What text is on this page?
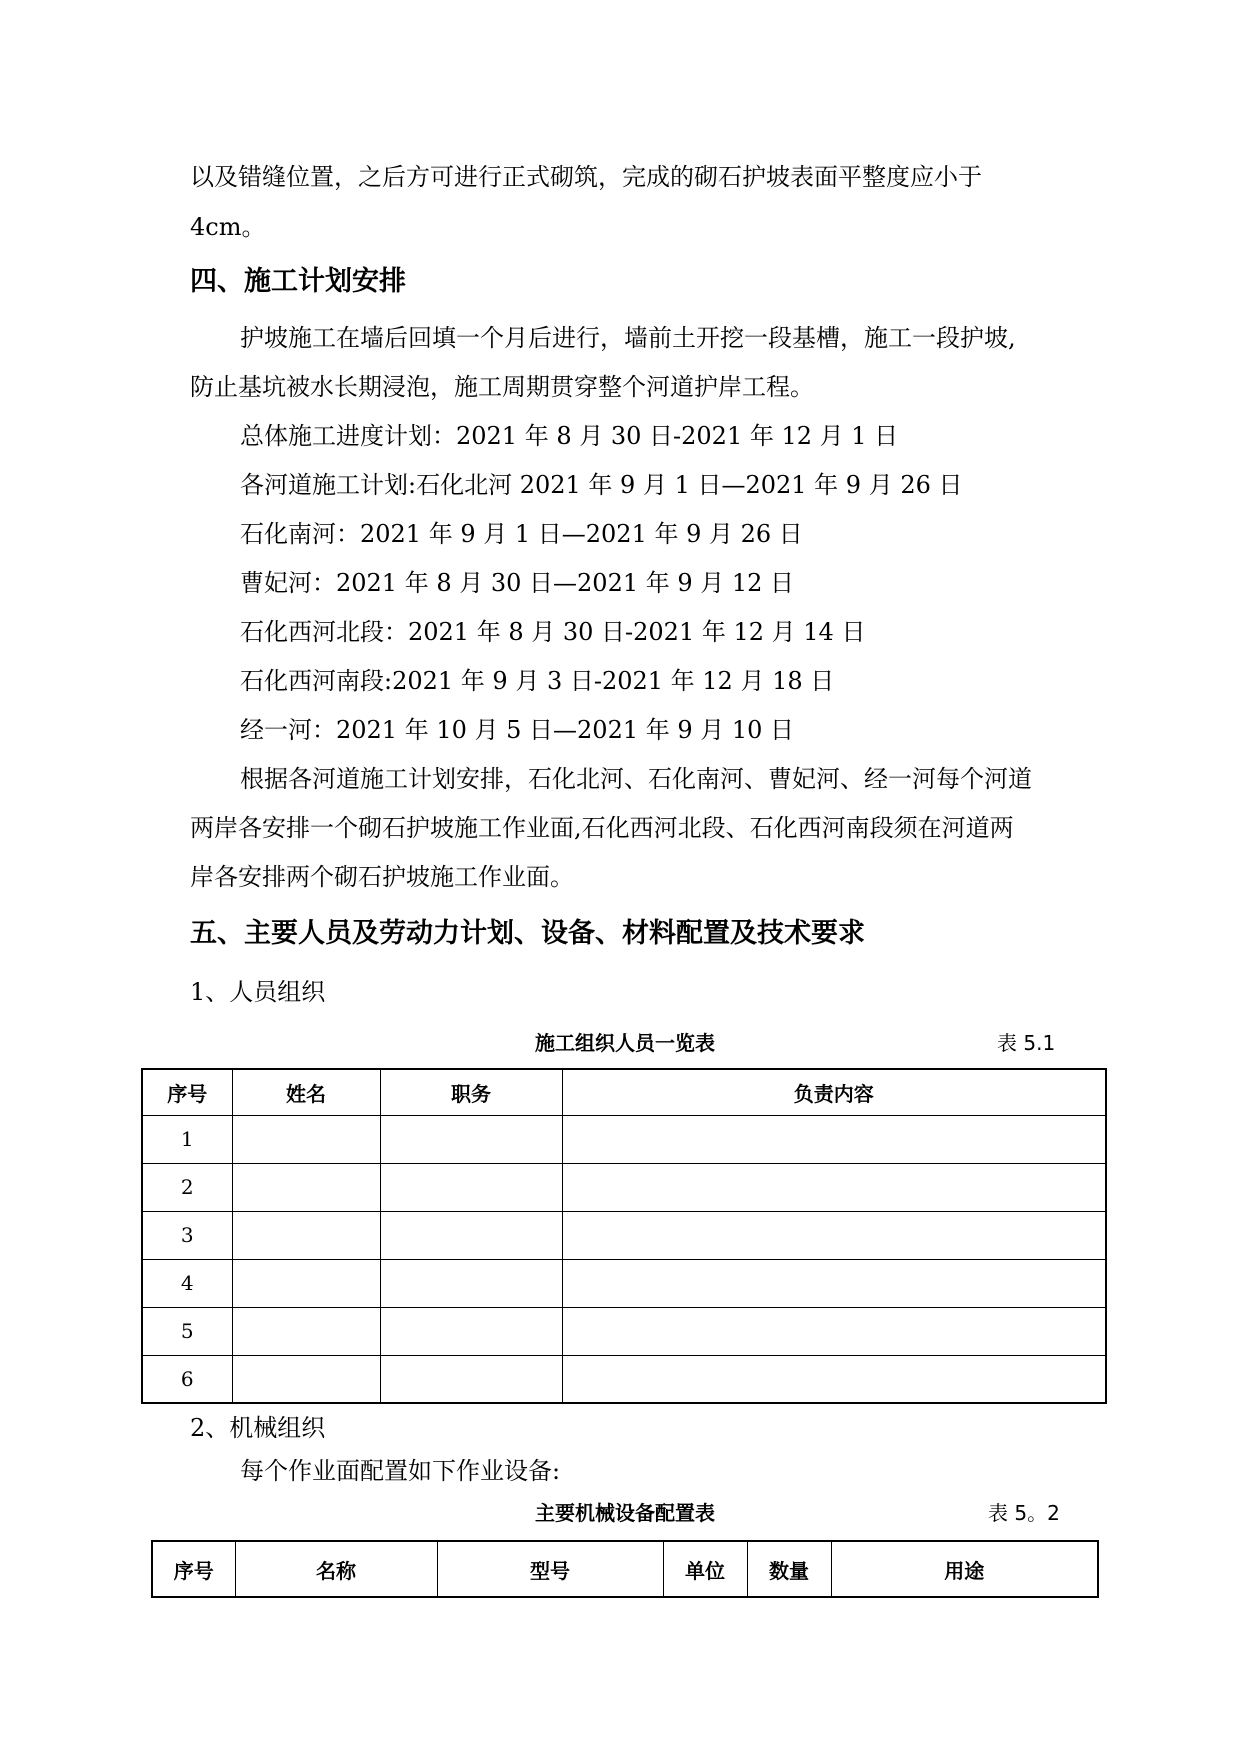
以及错缝位置，之后方可进行正式砌筑，完成的砌石护坡表面平整度应小于
4cm。
四、施工计划安排
护坡施工在墙后回填一个月后进行，墙前土开挖一段基槽，施工一段护坡,
防止基坑被水长期浸泡，施工周期贯穿整个河道护岸工程。
总体施工进度计划：2021 年 8 月 30 日-2021 年 12 月 1 日
各河道施工计划:石化北河 2021 年 9 月 1 日—2021 年 9 月 26 日
石化南河：2021 年 9 月 1 日—2021 年 9 月 26 日
曹妃河：2021 年 8 月 30 日—2021 年 9 月 12 日
石化西河北段：2021 年 8 月 30 日-2021 年 12 月 14 日
石化西河南段:2021 年 9 月 3 日-2021 年 12 月 18 日
经一河：2021 年 10 月 5 日—2021 年 9 月 10 日
根据各河道施工计划安排，石化北河、石化南河、曹妃河、经一河每个河道
两岸各安排一个砌石护坡施工作业面,石化西河北段、石化西河南段须在河道两
岸各安排两个砌石护坡施工作业面。
五、主要人员及劳动力计划、设备、材料配置及技术要求
1、人员组织
施工组织人员一览表	表 5.1
序号	姓名	职务	负责内容
1			
2			
3			
4			
5			
6			
2、机械组织
每个作业面配置如下作业设备:
主要机械设备配置表	表 5。2
序号	名称	型号	单位	数量	用途
